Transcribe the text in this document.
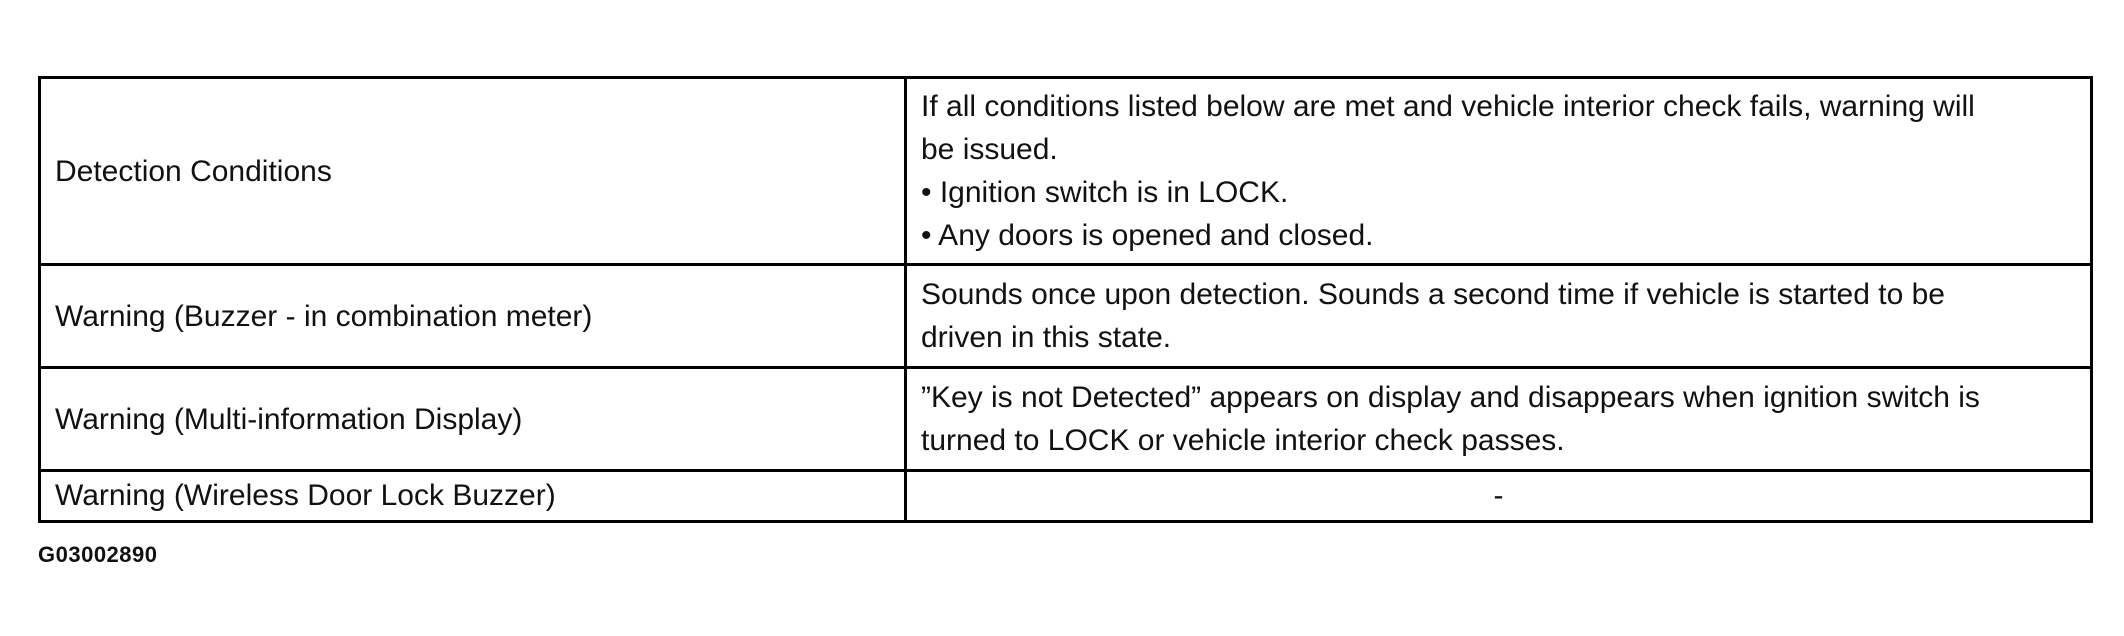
Detection Conditions	If all conditions listed below are met and vehicle interior check fails, warning will
be issued.
• Ignition switch is in LOCK.
• Any doors is opened and closed.

Warning (Buzzer - in combination meter)	Sounds once upon detection. Sounds a second time if vehicle is started to be
driven in this state.

Warning (Multi-information Display)	”Key is not Detected” appears on display and disappears when ignition switch is
turned to LOCK or vehicle interior check passes.

Warning (Wireless Door Lock Buzzer)	-
G03002890
